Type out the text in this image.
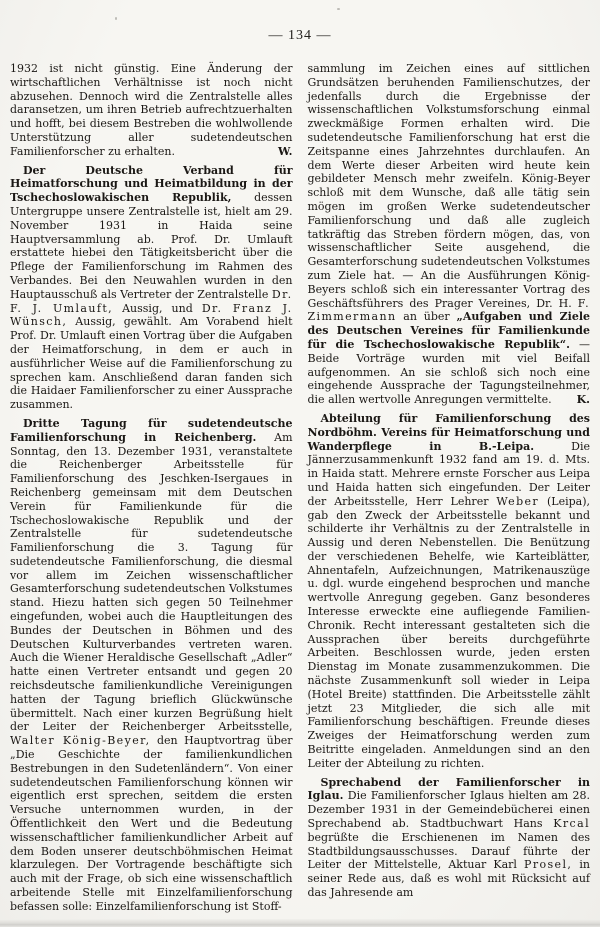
— 134 —

1932 ist nicht günstig. Eine Änderung der wirtschaftlichen Verhältnisse ist noch nicht abzusehen. Dennoch wird die Zentralstelle alles daransetzen, um ihren Betrieb aufrechtzuerhalten und hofft, bei diesem Bestreben die wohlwollende Unterstützung aller sudetendeutschen Familienforscher zu erhalten.	W.

Der Deutsche Verband für Heimatforschung und Heimatbildung in der Tschechoslowakischen Republik, dessen Untergruppe unsere Zentralstelle ist, hielt am 29. November 1931 in Haida seine Hauptversammlung ab. Prof. Dr. Umlauft erstattete hiebei den Tätigkeitsbericht über die Pflege der Familienforschung im Rahmen des Verbandes. Bei den Neuwahlen wurden in den Hauptausschuß als Vertreter der Zentralstelle Dr. F. J. Umlauft, Aussig, und Dr. Franz J. Wünsch, Aussig, gewählt. Am Vorabend hielt Prof. Dr. Umlauft einen Vortrag über die Aufgaben der Heimatforschung, in dem er auch in ausführlicher Weise auf die Familienforschung zu sprechen kam. Anschließend daran fanden sich die Haidaer Familienforscher zu einer Aussprache zusammen.

Dritte Tagung für sudetendeutsche Familienforschung in Reichenberg. Am Sonntag, den 13. Dezember 1931, veranstaltete die Reichenberger Arbeitsstelle für Familienforschung des Jeschken-Isergaues in Reichenberg gemeinsam mit dem Deutschen Verein für Familienkunde für die Tschechoslowakische Republik und der Zentralstelle für sudetendeutsche Familienforschung die 3. Tagung für sudetendeutsche Familienforschung, die diesmal vor allem im Zeichen wissenschaftlicher Gesamterforschung sudetendeutschen Volkstumes stand. Hiezu hatten sich gegen 50 Teilnehmer eingefunden, wobei auch die Hauptleitungen des Bundes der Deutschen in Böhmen und des Deutschen Kulturverbandes vertreten waren. Auch die Wiener Heraldische Gesellschaft „Adler“ hatte einen Vertreter entsandt und gegen 20 reichsdeutsche familienkundliche Vereinigungen hatten der Tagung brieflich Glückwünsche übermittelt. Nach einer kurzen Begrüßung hielt der Leiter der Reichenberger Arbeitsstelle, Walter König-Beyer, den Hauptvortrag über „Die Geschichte der familienkundlichen Bestrebungen in den Sudetenländern“. Von einer sudetendeutschen Familienforschung können wir eigentlich erst sprechen, seitdem die ersten Versuche unternommen wurden, in der Öffentlichkeit den Wert und die Bedeutung wissenschaftlicher familienkundlicher Arbeit auf dem Boden unserer deutschböhmischen Heimat klarzulegen. Der Vortragende beschäftigte sich auch mit der Frage, ob sich eine wissenschaftlich arbeitende Stelle mit Einzelfamilienforschung befassen solle: Einzelfamilienforschung ist Stoff-

sammlung im Zeichen eines auf sittlichen Grundsätzen beruhenden Familienschutzes, der jedenfalls durch die Ergebnisse der wissenschaftlichen Volkstumsforschung einmal zweckmäßige Formen erhalten wird. Die sudetendeutsche Familienforschung hat erst die Zeitspanne eines Jahrzehntes durchlaufen. An dem Werte dieser Arbeiten wird heute kein gebildeter Mensch mehr zweifeln. König-Beyer schloß mit dem Wunsche, daß alle tätig sein mögen im großen Werke sudetendeutscher Familienforschung und daß alle zugleich tatkräftig das Streben fördern mögen, das, von wissenschaftlicher Seite ausgehend, die Gesamterforschung sudetendeutschen Volkstumes zum Ziele hat. — An die Ausführungen König-Beyers schloß sich ein interessanter Vortrag des Geschäftsführers des Prager Vereines, Dr. H. F. Zimmermann an über „Aufgaben und Ziele des Deutschen Vereines für Familienkunde für die Tschechoslowakische Republik“. — Beide Vorträge wurden mit viel Beifall aufgenommen. An sie schloß sich noch eine eingehende Aussprache der Tagungsteilnehmer, die allen wertvolle Anregungen vermittelte.	K.

Abteilung für Familienforschung des Nordböhm. Vereins für Heimatforschung und Wanderpflege in B.-Leipa.	Die Jännerzusammenkunft 1932 fand am 19. d. Mts. in Haida statt. Mehrere ernste Forscher aus Leipa und Haida hatten sich eingefunden. Der Leiter der Arbeitsstelle, Herr Lehrer Weber (Leipa), gab den Zweck der Arbeitsstelle bekannt und schilderte ihr Verhältnis zu der Zentralstelle in Aussig und deren Nebenstellen. Die Benützung der verschiedenen Behelfe, wie Karteiblätter, Ahnentafeln, Aufzeichnungen, Matrikenauszüge u. dgl. wurde eingehend besprochen und manche wertvolle Anregung gegeben. Ganz besonderes Interesse erweckte eine aufliegende Familien-Chronik. Recht interessant gestalteten sich die Aussprachen über bereits durchgeführte Arbeiten. Beschlossen wurde, jeden ersten Dienstag im Monate zusammenzukommen. Die nächste Zusammenkunft soll wieder in Leipa (Hotel Breite) stattfinden. Die Arbeitsstelle zählt jetzt 23 Mitglieder, die sich alle mit Familienforschung beschäftigen. Freunde dieses Zweiges der Heimatforschung werden zum Beitritte eingeladen. Anmeldungen sind an den Leiter der Abteilung zu richten.

Sprechabend der Familienforscher in Iglau. Die Familienforscher Iglaus hielten am 28. Dezember 1931 in der Gemeindebücherei einen Sprechabend ab. Stadtbuchwart Hans Krcal begrüßte die Erschienenen im Namen des Stadtbildungsausschusses. Darauf führte der Leiter der Mittelstelle, Aktuar Karl Prosel, in seiner Rede aus, daß es wohl mit Rücksicht auf das Jahresende am
